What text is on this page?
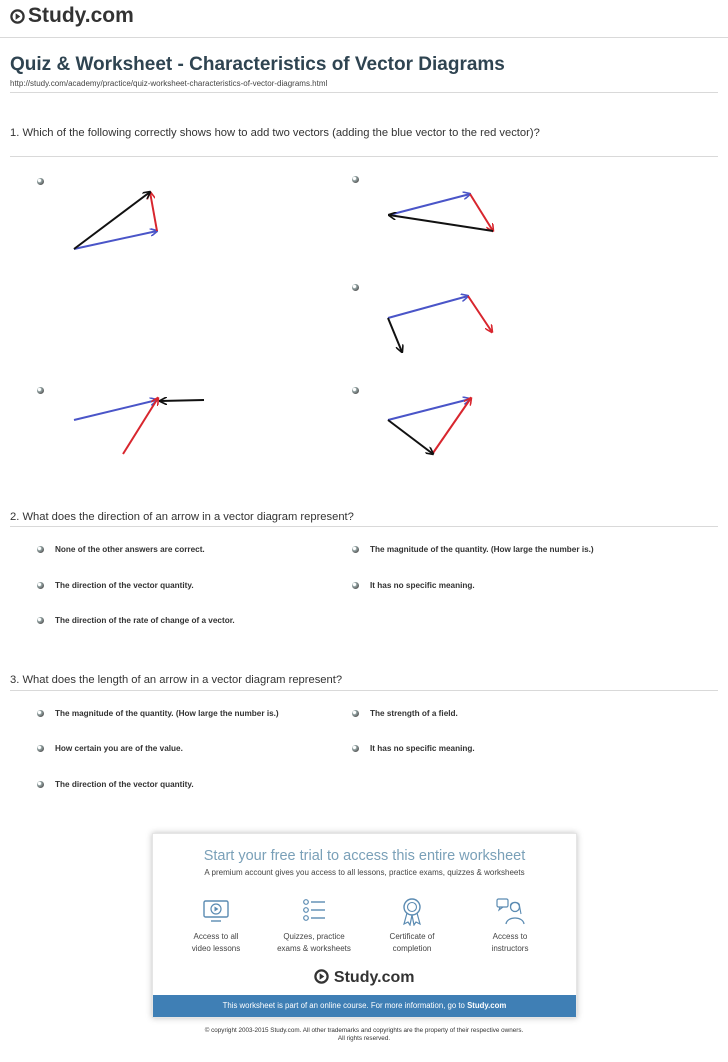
Study.com
Quiz & Worksheet - Characteristics of Vector Diagrams
http://study.com/academy/practice/quiz-worksheet-characteristics-of-vector-diagrams.html
1. Which of the following correctly shows how to add two vectors (adding the blue vector to the red vector)?
2. What does the direction of an arrow in a vector diagram represent?
None of the other answers are correct.	The magnitude of the quantity. (How large the number is.)
The direction of the vector quantity.	It has no specific meaning.
The direction of the rate of change of a vector.
3. What does the length of an arrow in a vector diagram represent?
The magnitude of the quantity. (How large the number is.)	The strength of a field.
How certain you are of the value.	It has no specific meaning.
The direction of the vector quantity.
Start your free trial to access this entire worksheet
A premium account gives you access to all lessons, practice exams, quizzes & worksheets
Access to all
video lessons
Quizzes, practice
exams & worksheets
Certificate of
completion
Access to
instructors
Study.com
This worksheet is part of an online course. For more information, go to Study.com
© copyright 2003-2015 Study.com. All other trademarks and copyrights are the property of their respective owners.
All rights reserved.
